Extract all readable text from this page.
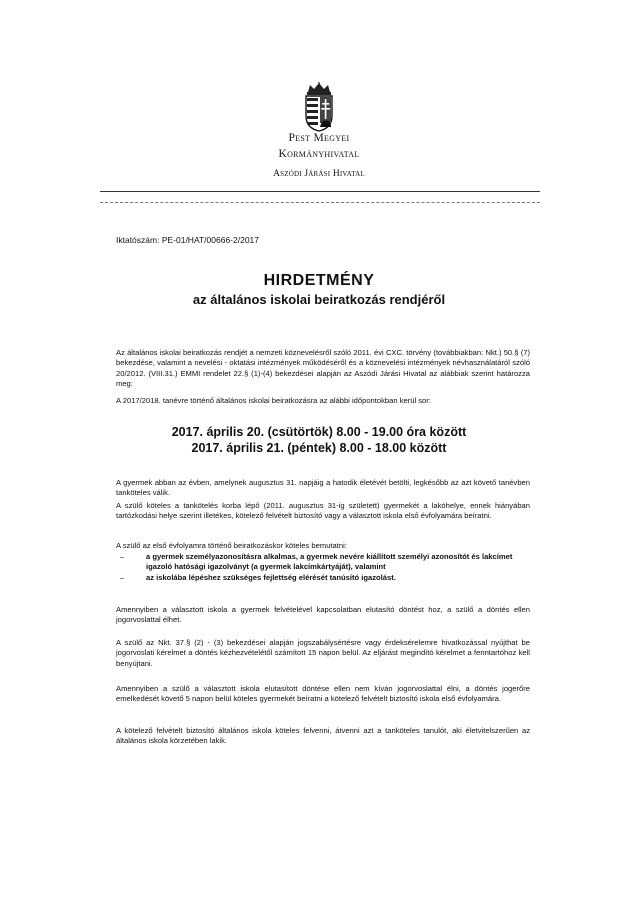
Pest Megyei
Kormányhivatal
Aszódi Járási Hivatal
Iktatószám: PE-01/HAT/00666-2/2017
HIRDETMÉNY
az általános iskolai beiratkozás rendjéről

Az általános iskolai beiratkozás rendjét a nemzeti köznevelésről szóló 2011. évi CXC. törvény (továbbiakban: Nkt.) 50.§ (7) bekezdése, valamint a nevelési - oktatási intézmények működéséről és a köznevelési intézmények névhasználatáról szóló 20/2012. (VIII.31.) EMMI rendelet 22.§ (1)-(4) bekezdései alapján az Aszódi Járási Hivatal az alábbiak szerint határozza meg:

A 2017/2018. tanévre történő általános iskolai beiratkozásra az alábbi időpontokban kerül sor:

2017. április 20. (csütörtök) 8.00 - 19.00 óra között
2017. április 21. (péntek) 8.00 - 18.00 között

A gyermek abban az évben, amelynek augusztus 31. napjáig a hatodik életévét betölti, legkésőbb az azt követő tanévben tanköteles válik.

A szülő köteles a tankötelés korba lépő (2011. augusztus 31-ig született) gyermekét a lakóhelye, ennek hiányában tartózkodási helye szerint illetékes, kötelező felvételt biztosító vagy a választott iskola első évfolyamára beíratni.

A szülő az első évfolyamra történő beiratkozáskor köteles bemutatni:

–	a gyermek személyazonosításra alkalmas, a gyermek nevére kiállított személyi azonosítót és lakcímet igazoló hatósági igazolványt (a gyermek lakcímkártyáját), valamint
–	az iskolába lépéshez szükséges fejlettség elérését tanúsító igazolást.

Amennyiben a választott iskola a gyermek felvételével kapcsolatban elutasító döntést hoz, a szülő a döntés ellen jogorvoslattal élhet.

A szülő az Nkt. 37.§ (2) - (3) bekezdései alapján jogszabálysértésre vagy érdeksérelemre hivatkozással nyújthat be jogorvoslati kérelmet a döntés kézhezvételétől számított 15 napon belül. Az eljárást megindító kérelmet a fenntartóhoz kell benyújtani.

Amennyiben a szülő a választott iskola elutasított döntése ellen nem kíván jogorvoslattal élni, a döntés jogerőre emelkedését követő 5 napon belül köteles gyermekét beíratni a kötelező felvételt biztosító iskola első évfolyamára.

A kötelező felvételt biztosító általános iskola köteles felvenni, átvenni azt a tanköteles tanulót, aki életvitelszerűen az általános iskola körzetében lakik.
